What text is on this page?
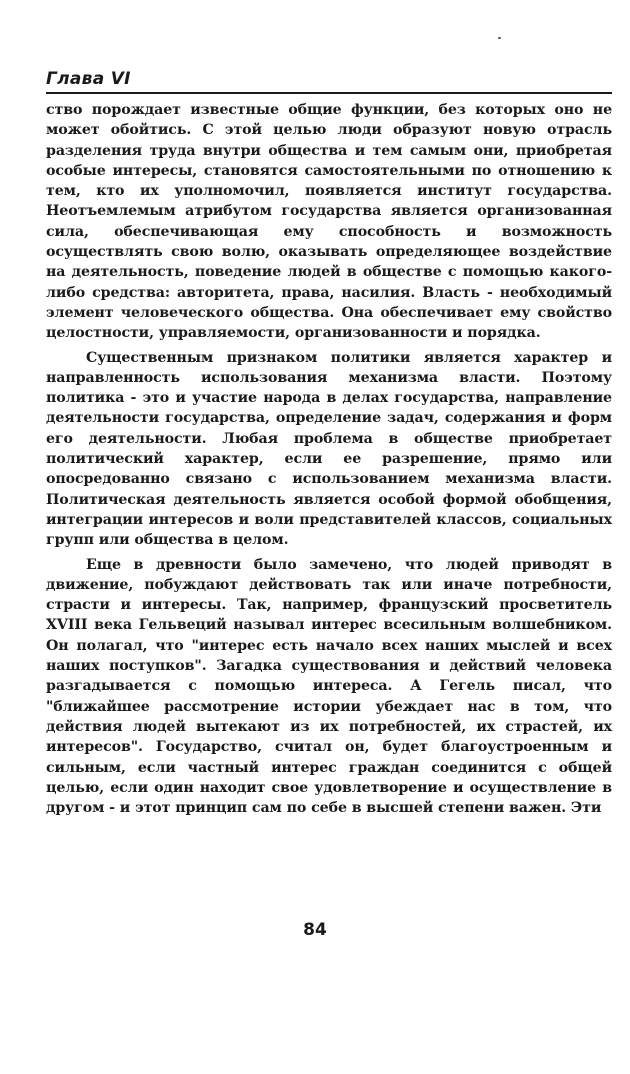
Глава VI

ство порождает известные общие функции, без которых оно не может обойтись. С этой целью люди образуют новую отрасль разделения труда внутри общества и тем самым они, приобретая особые интересы, становятся самостоятельными по отношению к тем, кто их уполномочил, появляется институт государства. Неотъемлемым атрибутом государства является организованная сила, обеспечивающая ему способность и возможность осуществлять свою волю, оказывать определяющее воздействие на деятельность, поведение людей в обществе с помощью какого-либо средства: авторитета, права, насилия. Власть - необходимый элемент человеческого общества. Она обеспечивает ему свойство целостности, управляемости, организованности и порядка.

Существенным признаком политики является характер и направленность использования механизма власти. Поэтому политика - это и участие народа в делах государства, направление деятельности государства, определение задач, содержания и форм его деятельности. Любая проблема в обществе приобретает политический характер, если ее разрешение, прямо или опосредованно связано с использованием механизма власти. Политическая деятельность является особой формой обобщения, интеграции интересов и воли представителей классов, социальных групп или общества в целом.

Еще в древности было замечено, что людей приводят в движение, побуждают действовать так или иначе потребности, страсти и интересы. Так, например, французский просветитель XVIII века Гельвеций называл интерес всесильным волшебником. Он полагал, что "интерес есть начало всех наших мыслей и всех наших поступков". Загадка существования и действий человека разгадывается с помощью интереса. А Гегель писал, что "ближайшее рассмотрение истории убеждает нас в том, что действия людей вытекают из их потребностей, их страстей, их интересов". Государство, считал он, будет благоустроенным и сильным, если частный интерес граждан соединится с общей целью, если один находит свое удовлетворение и осуществление в другом - и этот принцип сам по себе в высшей степени важен. Эти

84
